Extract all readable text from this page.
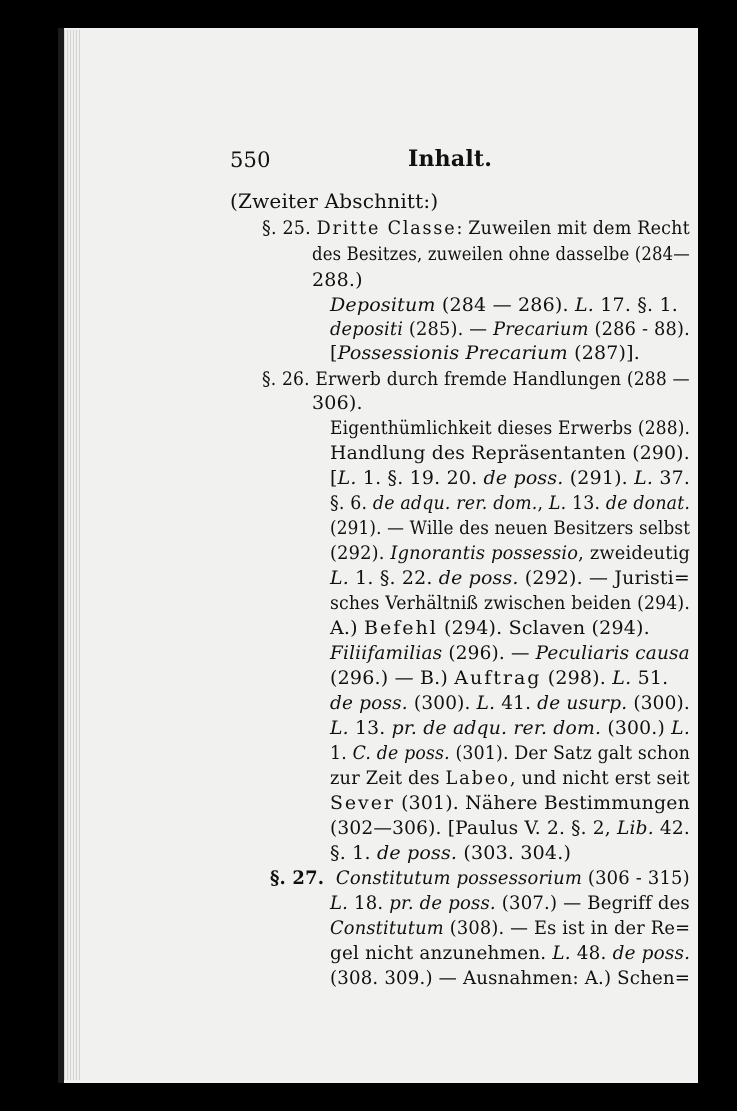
550	Inhalt.
(Zweiter Abschnitt:)
§. 25. Dritte Classe: Zuweilen mit dem Recht
des Besitzes, zuweilen ohne dasselbe (284—
288.)
Depositum (284 — 286). L. 17. §. 1.
depositi (285). — Precarium (286 - 88).
[Possessionis Precarium (287)].
§. 26. Erwerb durch fremde Handlungen (288 —
306).
Eigenthümlichkeit dieses Erwerbs (288).
Handlung des Repräsentanten (290).
[L. 1. §. 19. 20. de poss. (291). L. 37.
§. 6. de adqu. rer. dom., L. 13. de donat.
(291). — Wille des neuen Besitzers selbst
(292). Ignorantis possessio, zweideutig
L. 1. §. 22. de poss. (292). — Juristi=
sches Verhältniß zwischen beiden (294).
A.) Befehl (294). Sclaven (294).
Filiifamilias (296). — Peculiaris causa
(296.) — B.) Auftrag (298). L. 51.
de poss. (300). L. 41. de usurp. (300).
L. 13. pr. de adqu. rer. dom. (300.) L.
1. C. de poss. (301). Der Satz galt schon
zur Zeit des Labeo, und nicht erst seit
Sever (301). Nähere Bestimmungen
(302—306). [Paulus V. 2. §. 2, Lib. 42.
§. 1. de poss. (303. 304.)
§. 27. Constitutum possessorium (306 - 315)
L. 18. pr. de poss. (307.) — Begriff des
Constitutum (308). — Es ist in der Re=
gel nicht anzunehmen. L. 48. de poss.
(308. 309.) — Ausnahmen: A.) Schen=
